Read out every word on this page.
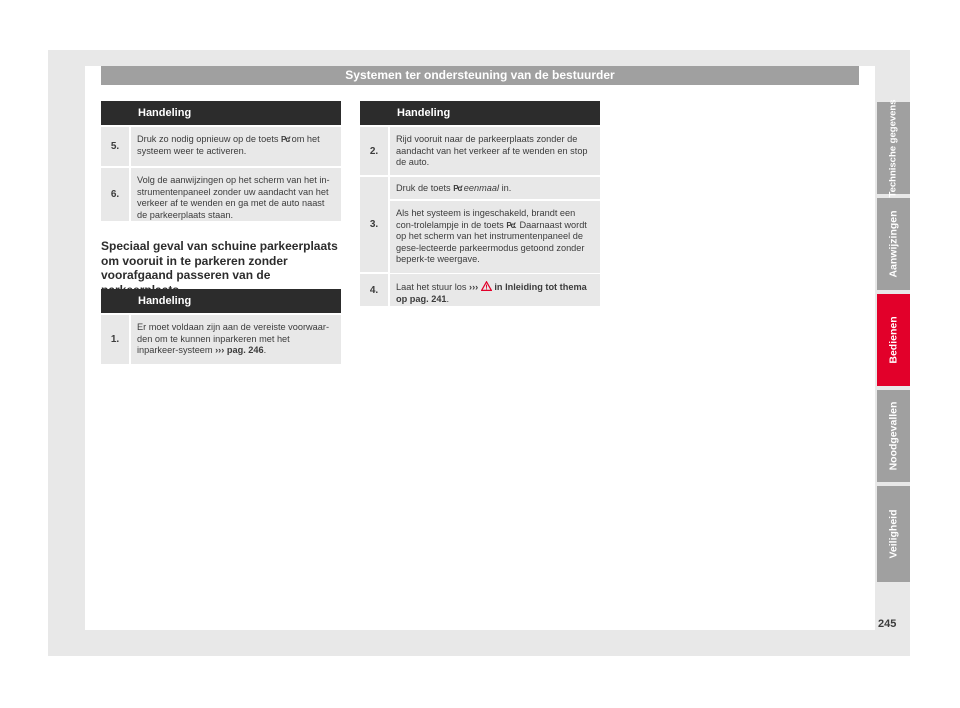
Systemen ter ondersteuning van de bestuurder
Handeling
5.
Druk zo nodig opnieuw op de toets Pʛ om het systeem weer te activeren.
6.
Volg de aanwijzingen op het scherm van het in-strumentenpaneel zonder uw aandacht van het verkeer af te wenden en ga met de auto naast de parkeerplaats staan.
Speciaal geval van schuine parkeerplaats om vooruit in te parkeren zonder voorafgaand passeren van de
Handeling
1.
Er moet voldaan zijn aan de vereiste voorwaar-den om te kunnen inparkeren met het inparkeer-systeem ››› pag. 246.
Handeling
2.
Rijd vooruit naar de parkeerplaats zonder de aandacht van het verkeer af te wenden en stop de auto.
3.
Druk de toets Pʛ eenmaal in.
Als het systeem is ingeschakeld, brandt een con-trolelampje in de toets Pʛ. Daarnaast wordt op het scherm van het instrumentenpaneel de gese-lecteerde parkeermodus getoond zonder beperk-te weergave.
4.	Laat het stuur los ›››  in Inleiding tot thema op pag. 241.
Technische gegevens
Aanwijzingen
Bedienen
Noodgevallen
Veiligheid
245
